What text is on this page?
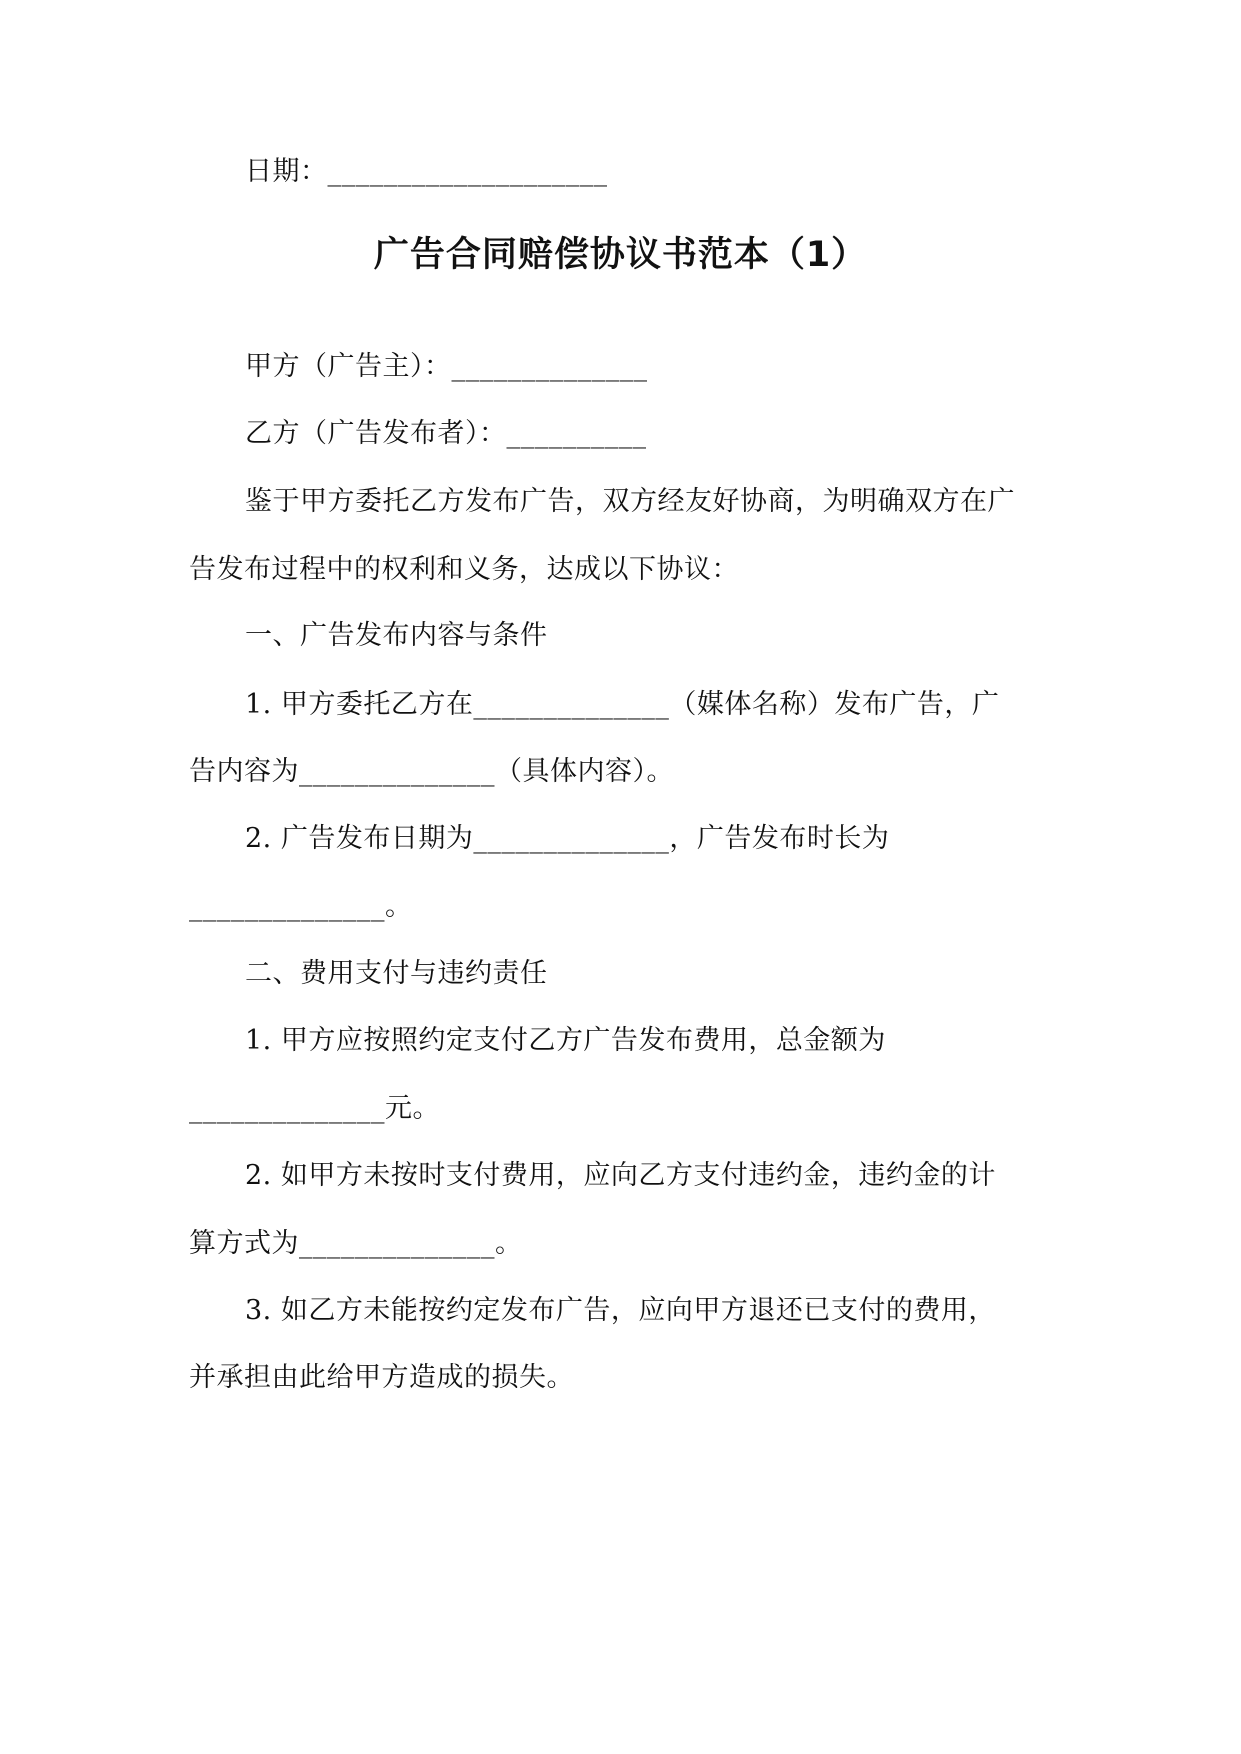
日期：____________________
广告合同赔偿协议书范本（1）
甲方（广告主）：______________
乙方（广告发布者）：__________
鉴于甲方委托乙方发布广告，双方经友好协商，为明确双方在广
告发布过程中的权利和义务，达成以下协议：
一、广告发布内容与条件
1. 甲方委托乙方在______________（媒体名称）发布广告，广
告内容为______________（具体内容）。
2. 广告发布日期为______________，广告发布时长为
______________。
二、费用支付与违约责任
1. 甲方应按照约定支付乙方广告发布费用，总金额为
______________元。
2. 如甲方未按时支付费用，应向乙方支付违约金，违约金的计
算方式为______________。
3. 如乙方未能按约定发布广告，应向甲方退还已支付的费用，
并承担由此给甲方造成的损失。
